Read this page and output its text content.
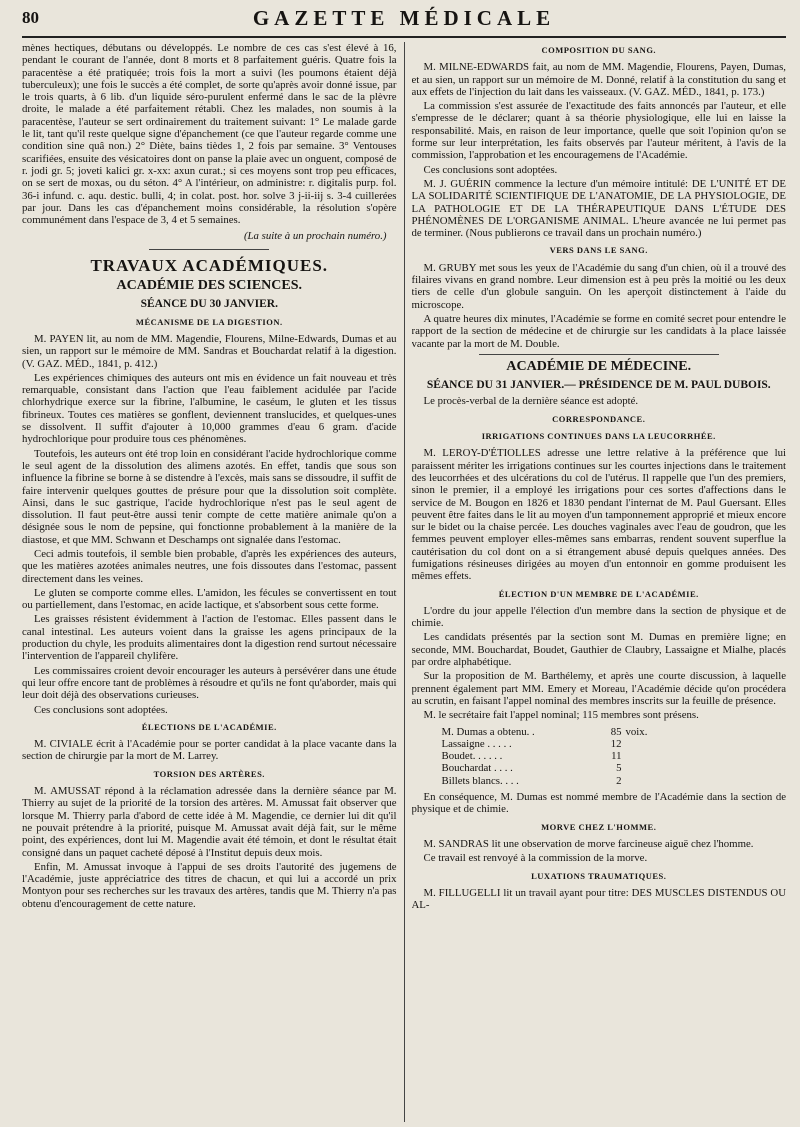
80	GAZETTE MÉDICALE

mènes hectiques, débutans ou développés. Le nombre de ces cas s'est élevé à 16, pendant le courant de l'année, dont 8 morts et 8 parfaitement guéris. Quatre fois la paracentèse a été pratiquée; trois fois la mort a suivi (les poumons étaient déjà tuberculeux); une fois le succès a été complet, de sorte qu'après avoir donné issue, par le trois quarts, à 6 lib. d'un liquide séro-purulent enfermé dans le sac de la plèvre droite, le malade a été parfaitement rétabli. Chez les malades, non soumis à la paracentèse, l'auteur se sert ordinairement du traitement suivant: 1° Le malade garde le lit, tant qu'il reste quelque signe d'épanchement (ce que l'auteur regarde comme une condition sine quâ non.) 2° Diète, bains tièdes 1, 2 fois par semaine. 3° Ventouses scarifiées, ensuite des vésicatoires dont on panse la plaie avec un onguent, composé de r. jodi gr. 5; joveti kalici gr. x-xx: axun curat.; si ces moyens sont trop peu efficaces, on se sert de moxas, ou du séton. 4° A l'intérieur, on administre: r. digitalis purp. fol. 36-i infund. c. aqu. destic. bulli, 4; in colat. post. hor. solve 3 j-ii-iij s. 3-4 cuillerées par jour. Dans les cas d'épanchement moins considérable, la résolution s'opère communément dans l'espace de 3, 4 et 5 semaines.

(La suite à un prochain numéro.)
TRAVAUX ACADÉMIQUES.
ACADÉMIE DES SCIENCES.
SÉANCE DU 30 JANVIER.
MÉCANISME DE LA DIGESTION.

M. PAYEN lit, au nom de MM. Magendie, Flourens, Milne-Edwards, Dumas et au sien, un rapport sur le mémoire de MM. Sandras et Bouchardat relatif à la digestion. (V. GAZ. MÉD., 1841, p. 412.)

Les expériences chimiques des auteurs ont mis en évidence un fait nouveau et très remarquable, consistant dans l'action que l'eau faiblement acidulée par l'acide chlorhydrique exerce sur la fibrine, l'albumine, le caséum, le gluten et les tissus fibrineux. Toutes ces matières se gonflent, deviennent translucides, et quelques-unes se dissolvent. Il suffit d'ajouter à 10,000 grammes d'eau 6 gram. d'acide hydrochlorique pour produire tous ces phénomènes.

Toutefois, les auteurs ont été trop loin en considérant l'acide hydrochlorique comme le seul agent de la dissolution des alimens azotés. En effet, tandis que sous son influence la fibrine se borne à se distendre à l'excès, mais sans se dissoudre, il suffit de faire intervenir quelques gouttes de présure pour que la dissolution soit complète. Ainsi, dans le suc gastrique, l'acide hydrochlorique n'est pas le seul agent de dissolution. Il faut peut-être aussi tenir compte de cette matière animale qu'on a désignée sous le nom de pepsine, qui fonctionne probablement à la manière de la diastose, et que MM. Schwann et Deschamps ont signalée dans l'estomac.

Ceci admis toutefois, il semble bien probable, d'après les expériences des auteurs, que les matières azotées animales neutres, une fois dissoutes dans l'estomac, passent directement dans les veines.

Le gluten se comporte comme elles. L'amidon, les fécules se convertissent en tout ou partiellement, dans l'estomac, en acide lactique, et s'absorbent sous cette forme.

Les graisses résistent évidemment à l'action de l'estomac. Elles passent dans le canal intestinal. Les auteurs voient dans la graisse les agens principaux de la production du chyle, les produits alimentaires dont la digestion rend surtout nécessaire l'intervention de l'appareil chylifère.

Les commissaires croient devoir encourager les auteurs à persévérer dans une étude qui leur offre encore tant de problèmes à résoudre et qu'ils ne font qu'aborder, mais qui leur doit déjà des observations curieuses.

Ces conclusions sont adoptées.

ÉLECTIONS DE L'ACADÉMIE.

M. CIVIALE écrit à l'Académie pour se porter candidat à la place vacante dans la section de chirurgie par la mort de M. Larrey.

TORSION DES ARTÈRES.

M. AMUSSAT répond à la réclamation adressée dans la dernière séance par M. Thierry au sujet de la priorité de la torsion des artères. M. Amussat fait observer que lorsque M. Thierry parla d'abord de cette idée à M. Magendie, ce dernier lui dit qu'il ne pouvait prétendre à la priorité, puisque M. Amussat avait déjà fait, sur le même point, des expériences, dont lui M. Magendie avait été témoin, et dont le résultat était consigné dans un paquet cacheté déposé à l'Institut depuis deux mois.

Enfin, M. Amussat invoque à l'appui de ses droits l'autorité des jugemens de l'Académie, juste appréciatrice des titres de chacun, et qui lui a accordé un prix Montyon pour ses recherches sur les travaux des artères, tandis que M. Thierry n'a pas obtenu d'encouragement de cette nature.

COMPOSITION DU SANG.

M. MILNE-EDWARDS fait, au nom de MM. Magendie, Flourens, Payen, Dumas, et au sien, un rapport sur un mémoire de M. Donné, relatif à la constitution du sang et aux effets de l'injection du lait dans les vaisseaux. (V. GAZ. MÉD., 1841, p. 173.)

La commission s'est assurée de l'exactitude des faits annoncés par l'auteur, et elle s'empresse de le déclarer; quant à sa théorie physiologique, elle lui en laisse la responsabilité. Mais, en raison de leur importance, quelle que soit l'opinion qu'on se forme sur leur interprétation, les faits observés par l'auteur méritent, à l'avis de la commission, l'approbation et les encouragemens de l'Académie.

Ces conclusions sont adoptées.

M. J. GUÉRIN commence la lecture d'un mémoire intitulé: DE L'UNITÉ ET DE LA SOLIDARITÉ SCIENTIFIQUE DE L'ANATOMIE, DE LA PHYSIOLOGIE, DE LA PATHOLOGIE ET DE LA THÉRAPEUTIQUE DANS L'ÉTUDE DES PHÉNOMÈNES DE L'ORGANISME ANIMAL. L'heure avancée ne lui permet pas de terminer. (Nous publierons ce travail dans un prochain numéro.)

VERS DANS LE SANG.

M. GRUBY met sous les yeux de l'Académie du sang d'un chien, où il a trouvé des filaires vivans en grand nombre. Leur dimension est à peu près la moitié ou les deux tiers de celle d'un globule sanguin. On les aperçoit distinctement à l'aide du microscope.

A quatre heures dix minutes, l'Académie se forme en comité secret pour entendre le rapport de la section de médecine et de chirurgie sur les candidats à la place laissée vacante par la mort de M. Double.

ACADÉMIE DE MÉDECINE.
SÉANCE DU 31 JANVIER.— PRÉSIDENCE DE M. PAUL DUBOIS.

Le procès-verbal de la dernière séance est adopté.

CORRESPONDANCE.
IRRIGATIONS CONTINUES DANS LA LEUCORRHÉE.

M. LEROY-D'ÉTIOLLES adresse une lettre relative à la préférence que lui paraissent mériter les irrigations continues sur les courtes injections dans le traitement des leucorrhées et des ulcérations du col de l'utérus. Il rappelle que l'un des premiers, sinon le premier, il a employé les irrigations pour ces sortes d'affections dans le service de M. Bougon en 1826 et 1830 pendant l'internat de M. Paul Guersant. Elles peuvent être faites dans le lit au moyen d'un tamponnement approprié et mieux encore sur le bidet ou la chaise percée. Les douches vaginales avec l'eau de goudron, que les femmes peuvent employer elles-mêmes sans embarras, rendent souvent superflue la cautérisation du col dont on a si étrangement abusé depuis quelques années. Des fumigations résineuses dirigées au moyen d'un entonnoir en gomme produisent les mêmes effets.

ÉLECTION D'UN MEMBRE DE L'ACADÉMIE.

L'ordre du jour appelle l'élection d'un membre dans la section de physique et de chimie.

Les candidats présentés par la section sont M. Dumas en première ligne; en seconde, MM. Bouchardat, Boudet, Gauthier de Claubry, Lassaigne et Mialhe, placés par ordre alphabétique.

Sur la proposition de M. Barthélemy, et après une courte discussion, à laquelle prennent également part MM. Emery et Moreau, l'Académie décide qu'on procédera au scrutin, en faisant l'appel nominal des membres inscrits sur la feuille de présence.

M. le secrétaire fait l'appel nominal; 115 membres sont présens.

M. Dumas a obtenu. .	85 voix.
Lassaigne . . . . .	12
Boudet. . . . . .	11
Bouchardat . . . .	5
Billets blancs. . . .	2

En conséquence, M. Dumas est nommé membre de l'Académie dans la section de physique et de chimie.

MORVE CHEZ L'HOMME.

M. SANDRAS lit une observation de morve farcineuse aiguë chez l'homme.

Ce travail est renvoyé à la commission de la morve.

LUXATIONS TRAUMATIQUES.

M. FILLUGELLI lit un travail ayant pour titre: DES MUSCLES DISTENDUS OU AL-
